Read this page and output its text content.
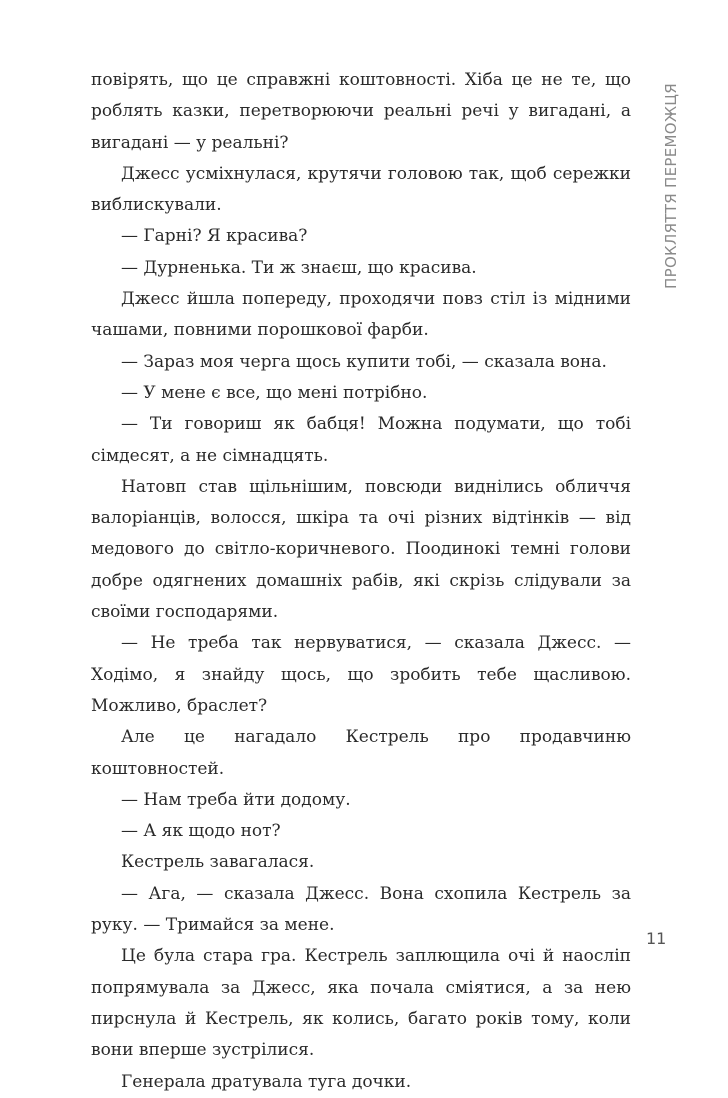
повірять, що це справжні коштовності. Хіба це не те, що роблять казки, перетворюючи реальні речі у вигадані, а вигадані — у реальні?

Джесс усміхнулася, крутячи головою так, щоб сережки виблискували.

— Гарні? Я красива?

— Дурненька. Ти ж знаєш, що красива.

Джесс йшла попереду, проходячи повз стіл із мідними чашами, повними порошкової фарби.

— Зараз моя черга щось купити тобі, — сказала вона.

— У мене є все, що мені потрібно.

— Ти говориш як бабця! Можна подумати, що тобі сімдесят, а не сімнадцять.

Натовп став щільнішим, повсюди виднілись обличчя валоріанців, волосся, шкіра та очі різних відтінків — від медового до світло-коричневого. Поодинокі темні голови добре одягнених домашніх рабів, які скрізь слідували за своїми господарями.

— Не треба так нервуватися, — сказала Джесс. — Ходімо, я знайду щось, що зробить тебе щасливою. Можливо, браслет?

Але це нагадало Кестрель про продавчиню коштовностей.

— Нам треба йти додому.

— А як щодо нот?

Кестрель завагалася.

— Ага, — сказала Джесс. Вона схопила Кестрель за руку. — Тримайся за мене.

Це була стара гра. Кестрель заплющила очі й наосліп попрямувала за Джесс, яка почала сміятися, а за нею пирснула й Кестрель, як колись, багато років тому, коли вони вперше зустрілися.

Генерала дратувала туга дочки.

ПРОКЛЯТТЯ ПЕРЕМОЖЦЯ
11
